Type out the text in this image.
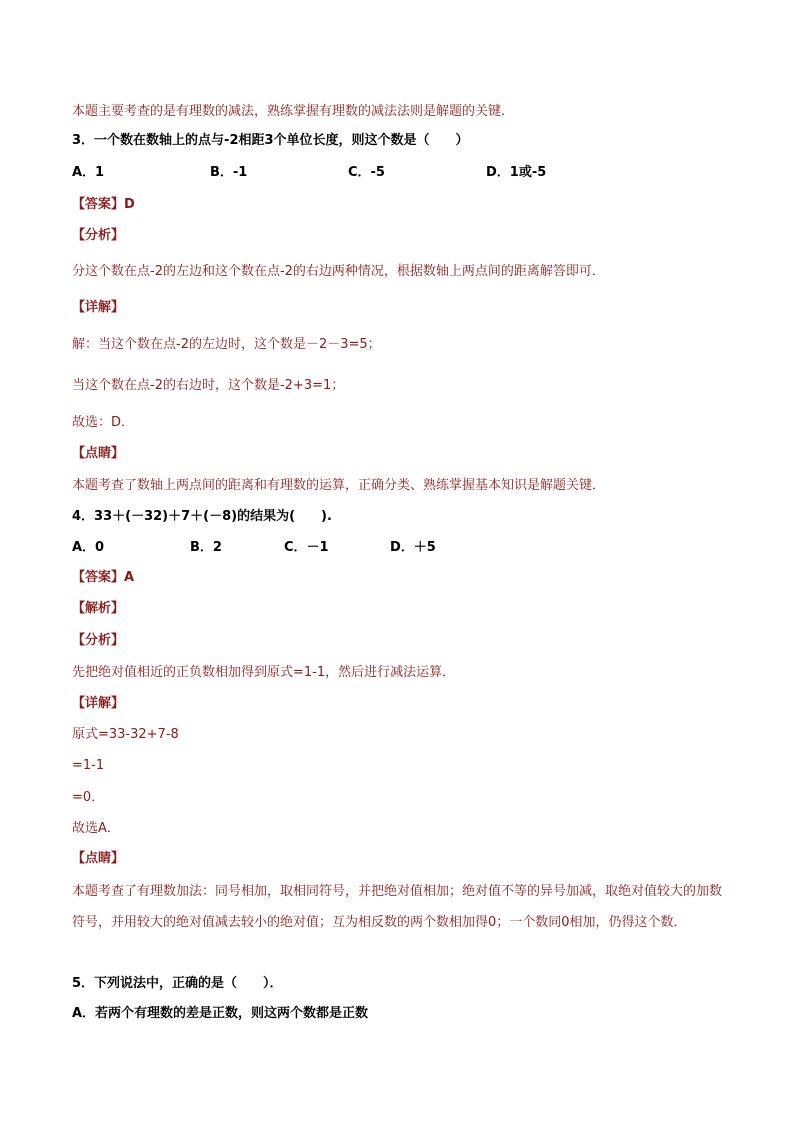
本题主要考查的是有理数的减法，熟练掌握有理数的减法法则是解题的关键．
3．一个数在数轴上的点与-2相距3个单位长度，则这个数是（　　）
A．1	B．-1	C．-5	D．1或-5
【答案】D
【分析】
分这个数在点-2的左边和这个数在点-2的右边两种情况，根据数轴上两点间的距离解答即可．
【详解】
解：当这个数在点-2的左边时，这个数是－2－3=5；
当这个数在点-2的右边时，这个数是-2+3=1；
故选：D．
【点睛】
本题考查了数轴上两点间的距离和有理数的运算，正确分类、熟练掌握基本知识是解题关键．
4．33＋(－32)＋7＋(－8)的结果为(　　).
A．0	B．2	C．－1	D．＋5
【答案】A
【解析】
【分析】
先把绝对值相近的正负数相加得到原式=1-1，然后进行减法运算．
【详解】
原式=33-32+7-8
=1-1
=0．
故选A．
【点睛】
本题考查了有理数加法：同号相加，取相同符号，并把绝对值相加；绝对值不等的异号加减，取绝对值较大的加数符号，并用较大的绝对值减去较小的绝对值；互为相反数的两个数相加得0；一个数同0相加，仍得这个数．
5．下列说法中，正确的是（　　）．
A．若两个有理数的差是正数，则这两个数都是正数
